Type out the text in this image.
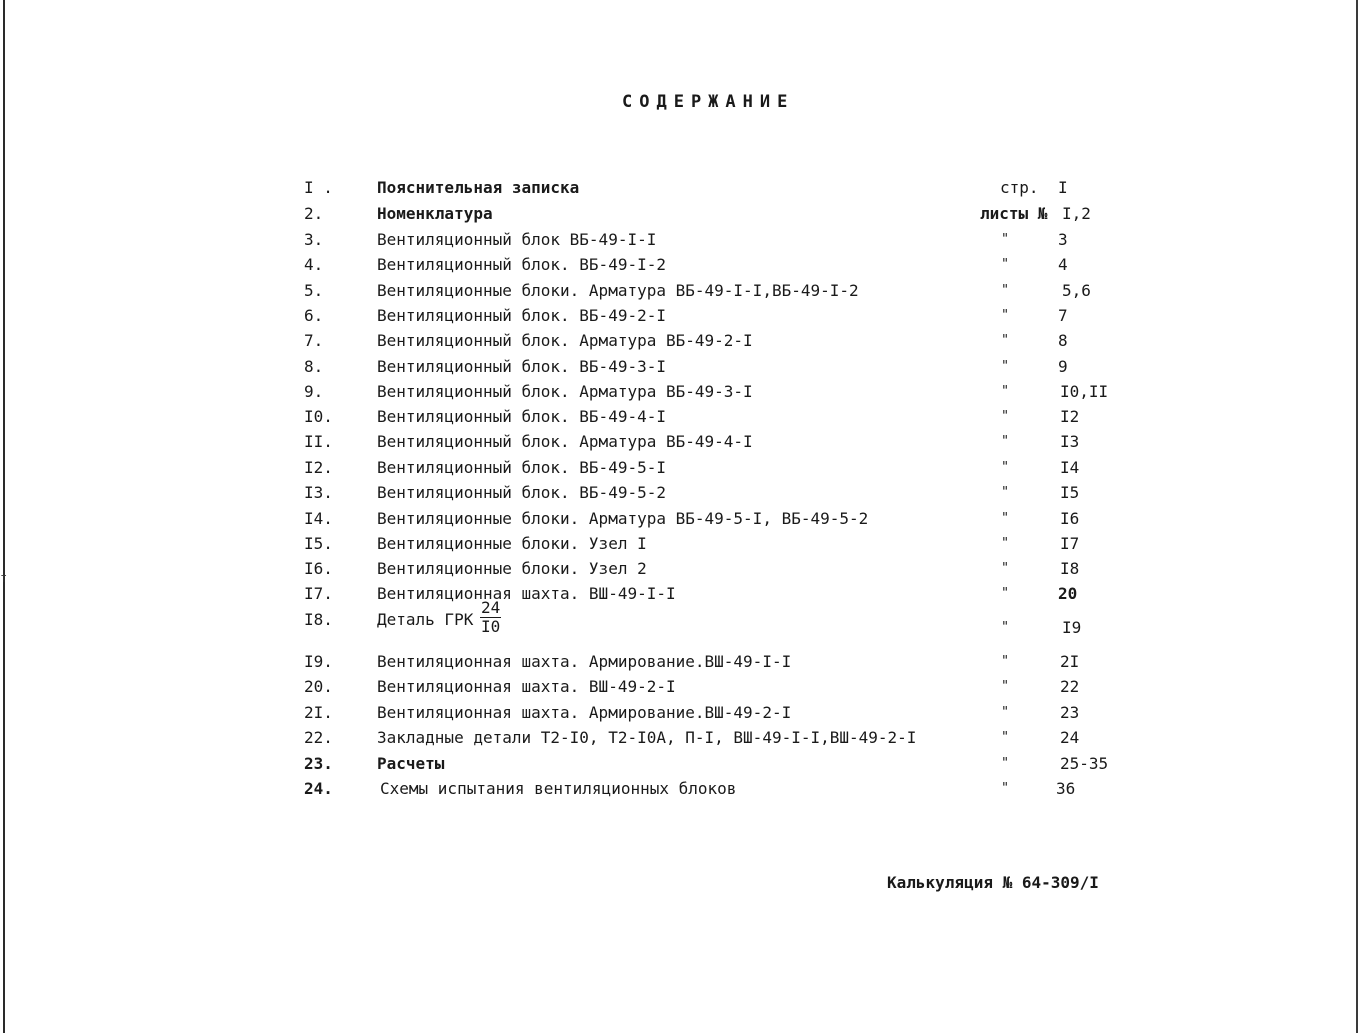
т
СОДЕРЖАНИЕ
I .	Пояснительная записка	стр. I
2.	Номенклатура	листы № I,2
3.	Вентиляционный блок ВБ-49-I-I	"	3
4.	Вентиляционный блок. ВБ-49-I-2	"	4
5.	Вентиляционные блоки. Арматура ВБ-49-I-I,ВБ-49-I-2	"	5,6
6.	Вентиляционный блок. ВБ-49-2-I	"	7
7.	Вентиляционный блок. Арматура ВБ-49-2-I	"	8
8.	Вентиляционный блок. ВБ-49-3-I	"	9
9.	Вентиляционный блок. Арматура ВБ-49-3-I	"	I0,II
I0.	Вентиляционный блок. ВБ-49-4-I	"	I2
II.	Вентиляционный блок. Арматура ВБ-49-4-I	"	I3
I2.	Вентиляционный блок. ВБ-49-5-I	"	I4
I3.	Вентиляционный блок. ВБ-49-5-2	"	I5
I4.	Вентиляционные блоки. Арматура ВБ-49-5-I, ВБ-49-5-2	"	I6
I5.	Вентиляционные блоки. Узел I	"	I7
I6.	Вентиляционные блоки. Узел 2	"	I8
I7.	Вентиляционная шахта. ВШ-49-I-I	"	20
I8.	Деталь ГРК $\frac{24}{I0}$	"	I9
I9.	Вентиляционная шахта. Армирование.ВШ-49-I-I	"	2I
20.	Вентиляционная шахта. ВШ-49-2-I	"	22
2I.	Вентиляционная шахта. Армирование.ВШ-49-2-I	"	23
22.	Закладные детали Т2-I0, Т2-I0А, П-I, ВШ-49-I-I,ВШ-49-2-I	"	24
23.	Расчеты	"	25-35
24.	Схемы испытания вентиляционных блоков	"	36
Калькуляция № 64-309/I
